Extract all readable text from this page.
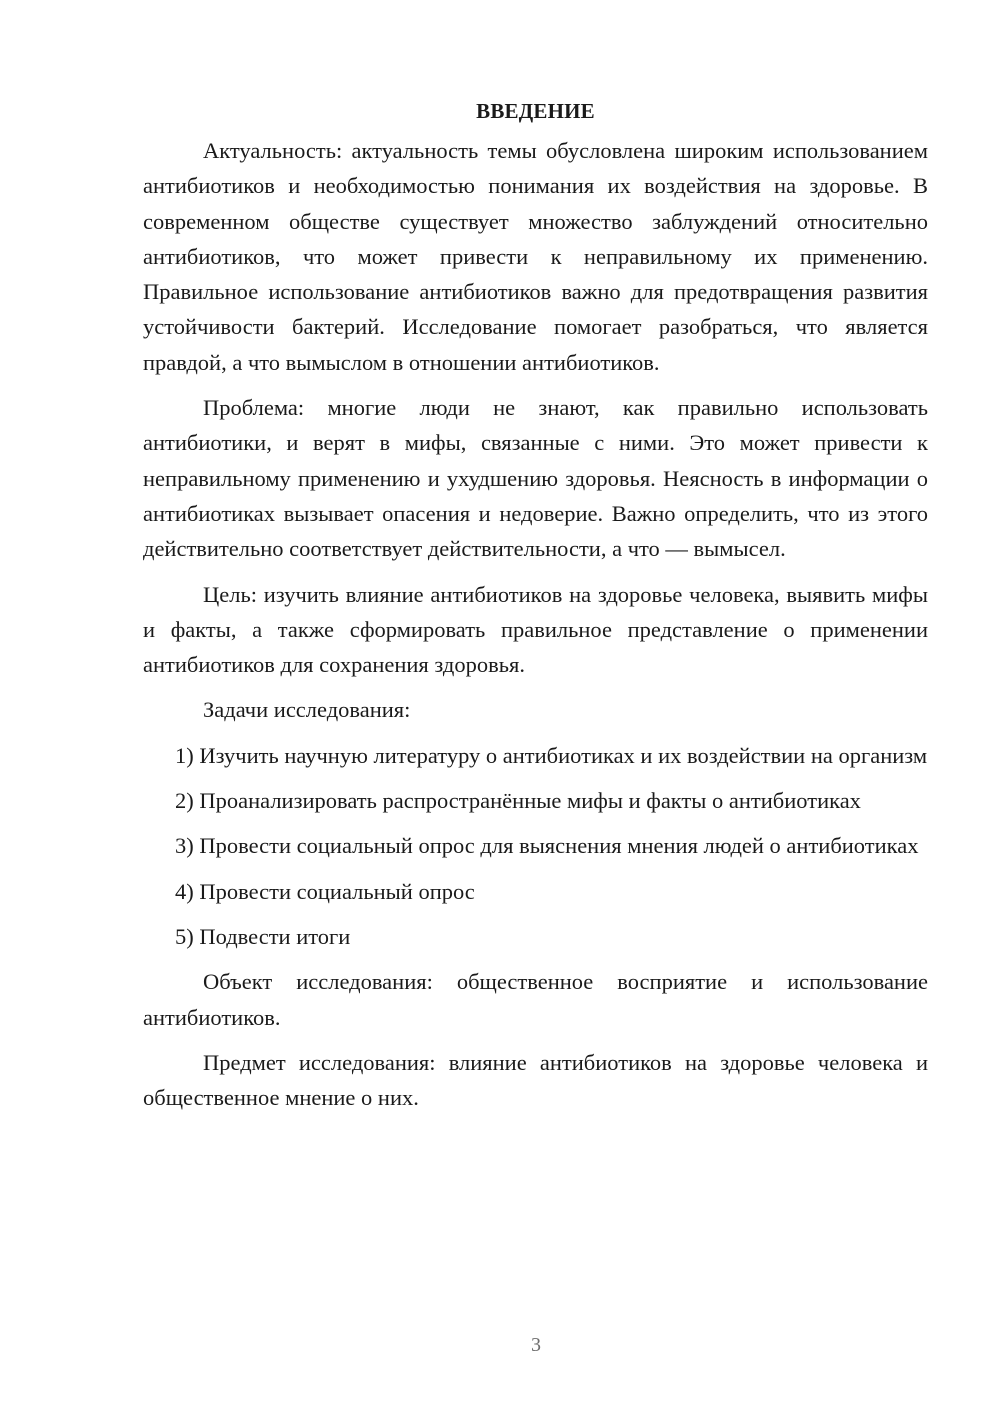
ВВЕДЕНИЕ

Актуальность: актуальность темы обусловлена широким использованием антибиотиков и необходимостью понимания их воздействия на здоровье. В современном обществе существует множество заблуждений относительно антибиотиков, что может привести к неправильному их применению. Правильное использование антибиотиков важно для предотвращения развития устойчивости бактерий. Исследование помогает разобраться, что является правдой, а что вымыслом в отношении антибиотиков.

Проблема: многие люди не знают, как правильно использовать антибиотики, и верят в мифы, связанные с ними. Это может привести к неправильному применению и ухудшению здоровья. Неясность в информации о антибиотиках вызывает опасения и недоверие. Важно определить, что из этого действительно соответствует действительности, а что — вымысел.

Цель: изучить влияние антибиотиков на здоровье человека, выявить мифы и факты, а также сформировать правильное представление о применении антибиотиков для сохранения здоровья.

Задачи исследования:

1) Изучить научную литературу о антибиотиках и их воздействии на организм

2) Проанализировать распространённые мифы и факты о антибиотиках

3) Провести социальный опрос для выяснения мнения людей о антибиотиках

4) Провести социальный опрос

5) Подвести итоги

Объект исследования: общественное восприятие и использование антибиотиков.

Предмет исследования: влияние антибиотиков на здоровье человека и общественное мнение о них.

3
